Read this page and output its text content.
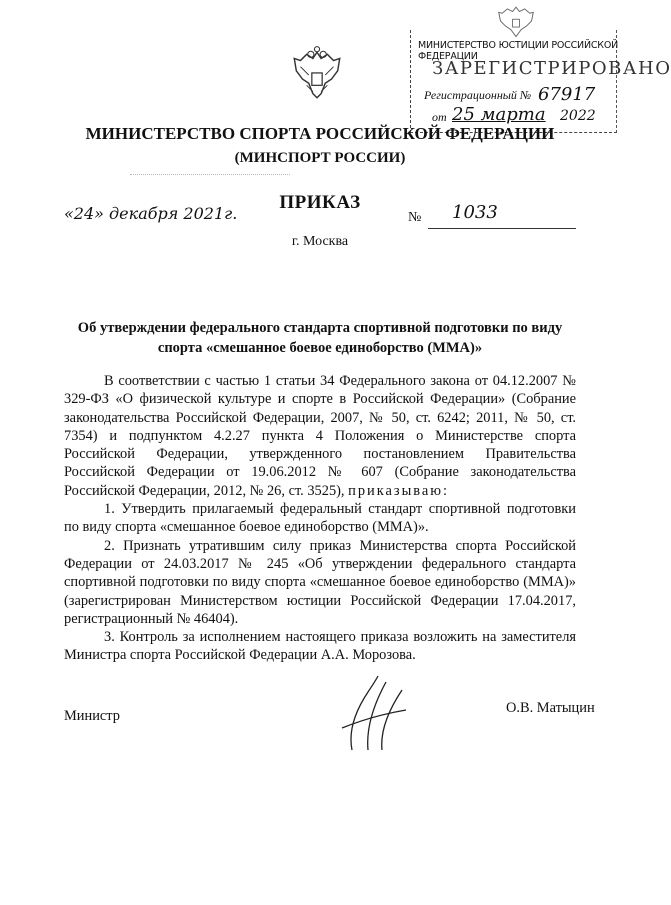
МИНИСТЕРСТВО ЮСТИЦИИ РОССИЙСКОЙ ФЕДЕРАЦИИ
ЗАРЕГИСТРИРОВАНО
Регистрационный № 67917
от 25 марта 2022
МИНИСТЕРСТВО СПОРТА РОССИЙСКОЙ ФЕДЕРАЦИИ
(МИНСПОРТ РОССИИ)
ПРИКАЗ
«24» декабря 2021г.	№ 1033
г. Москва
Об утверждении федерального стандарта спортивной подготовки по виду спорта «смешанное боевое единоборство (ММА)»

В соответствии с частью 1 статьи 34 Федерального закона от 04.12.2007 № 329-ФЗ «О физической культуре и спорте в Российской Федерации» (Собрание законодательства Российской Федерации, 2007, № 50, ст. 6242; 2011, № 50, ст. 7354) и подпунктом 4.2.27 пункта 4 Положения о Министерстве спорта Российской Федерации, утвержденного постановлением Правительства Российской Федерации от 19.06.2012 № 607 (Собрание законодательства Российской Федерации, 2012, № 26, ст. 3525), приказываю:

1. Утвердить прилагаемый федеральный стандарт спортивной подготовки по виду спорта «смешанное боевое единоборство (ММА)».

2. Признать утратившим силу приказ Министерства спорта Российской Федерации от 24.03.2017 № 245 «Об утверждении федерального стандарта спортивной подготовки по виду спорта «смешанное боевое единоборство (ММА)» (зарегистрирован Министерством юстиции Российской Федерации 17.04.2017, регистрационный № 46404).

3. Контроль за исполнением настоящего приказа возложить на заместителя Министра спорта Российской Федерации А.А. Морозова.

Министр	О.В. Матыцин
